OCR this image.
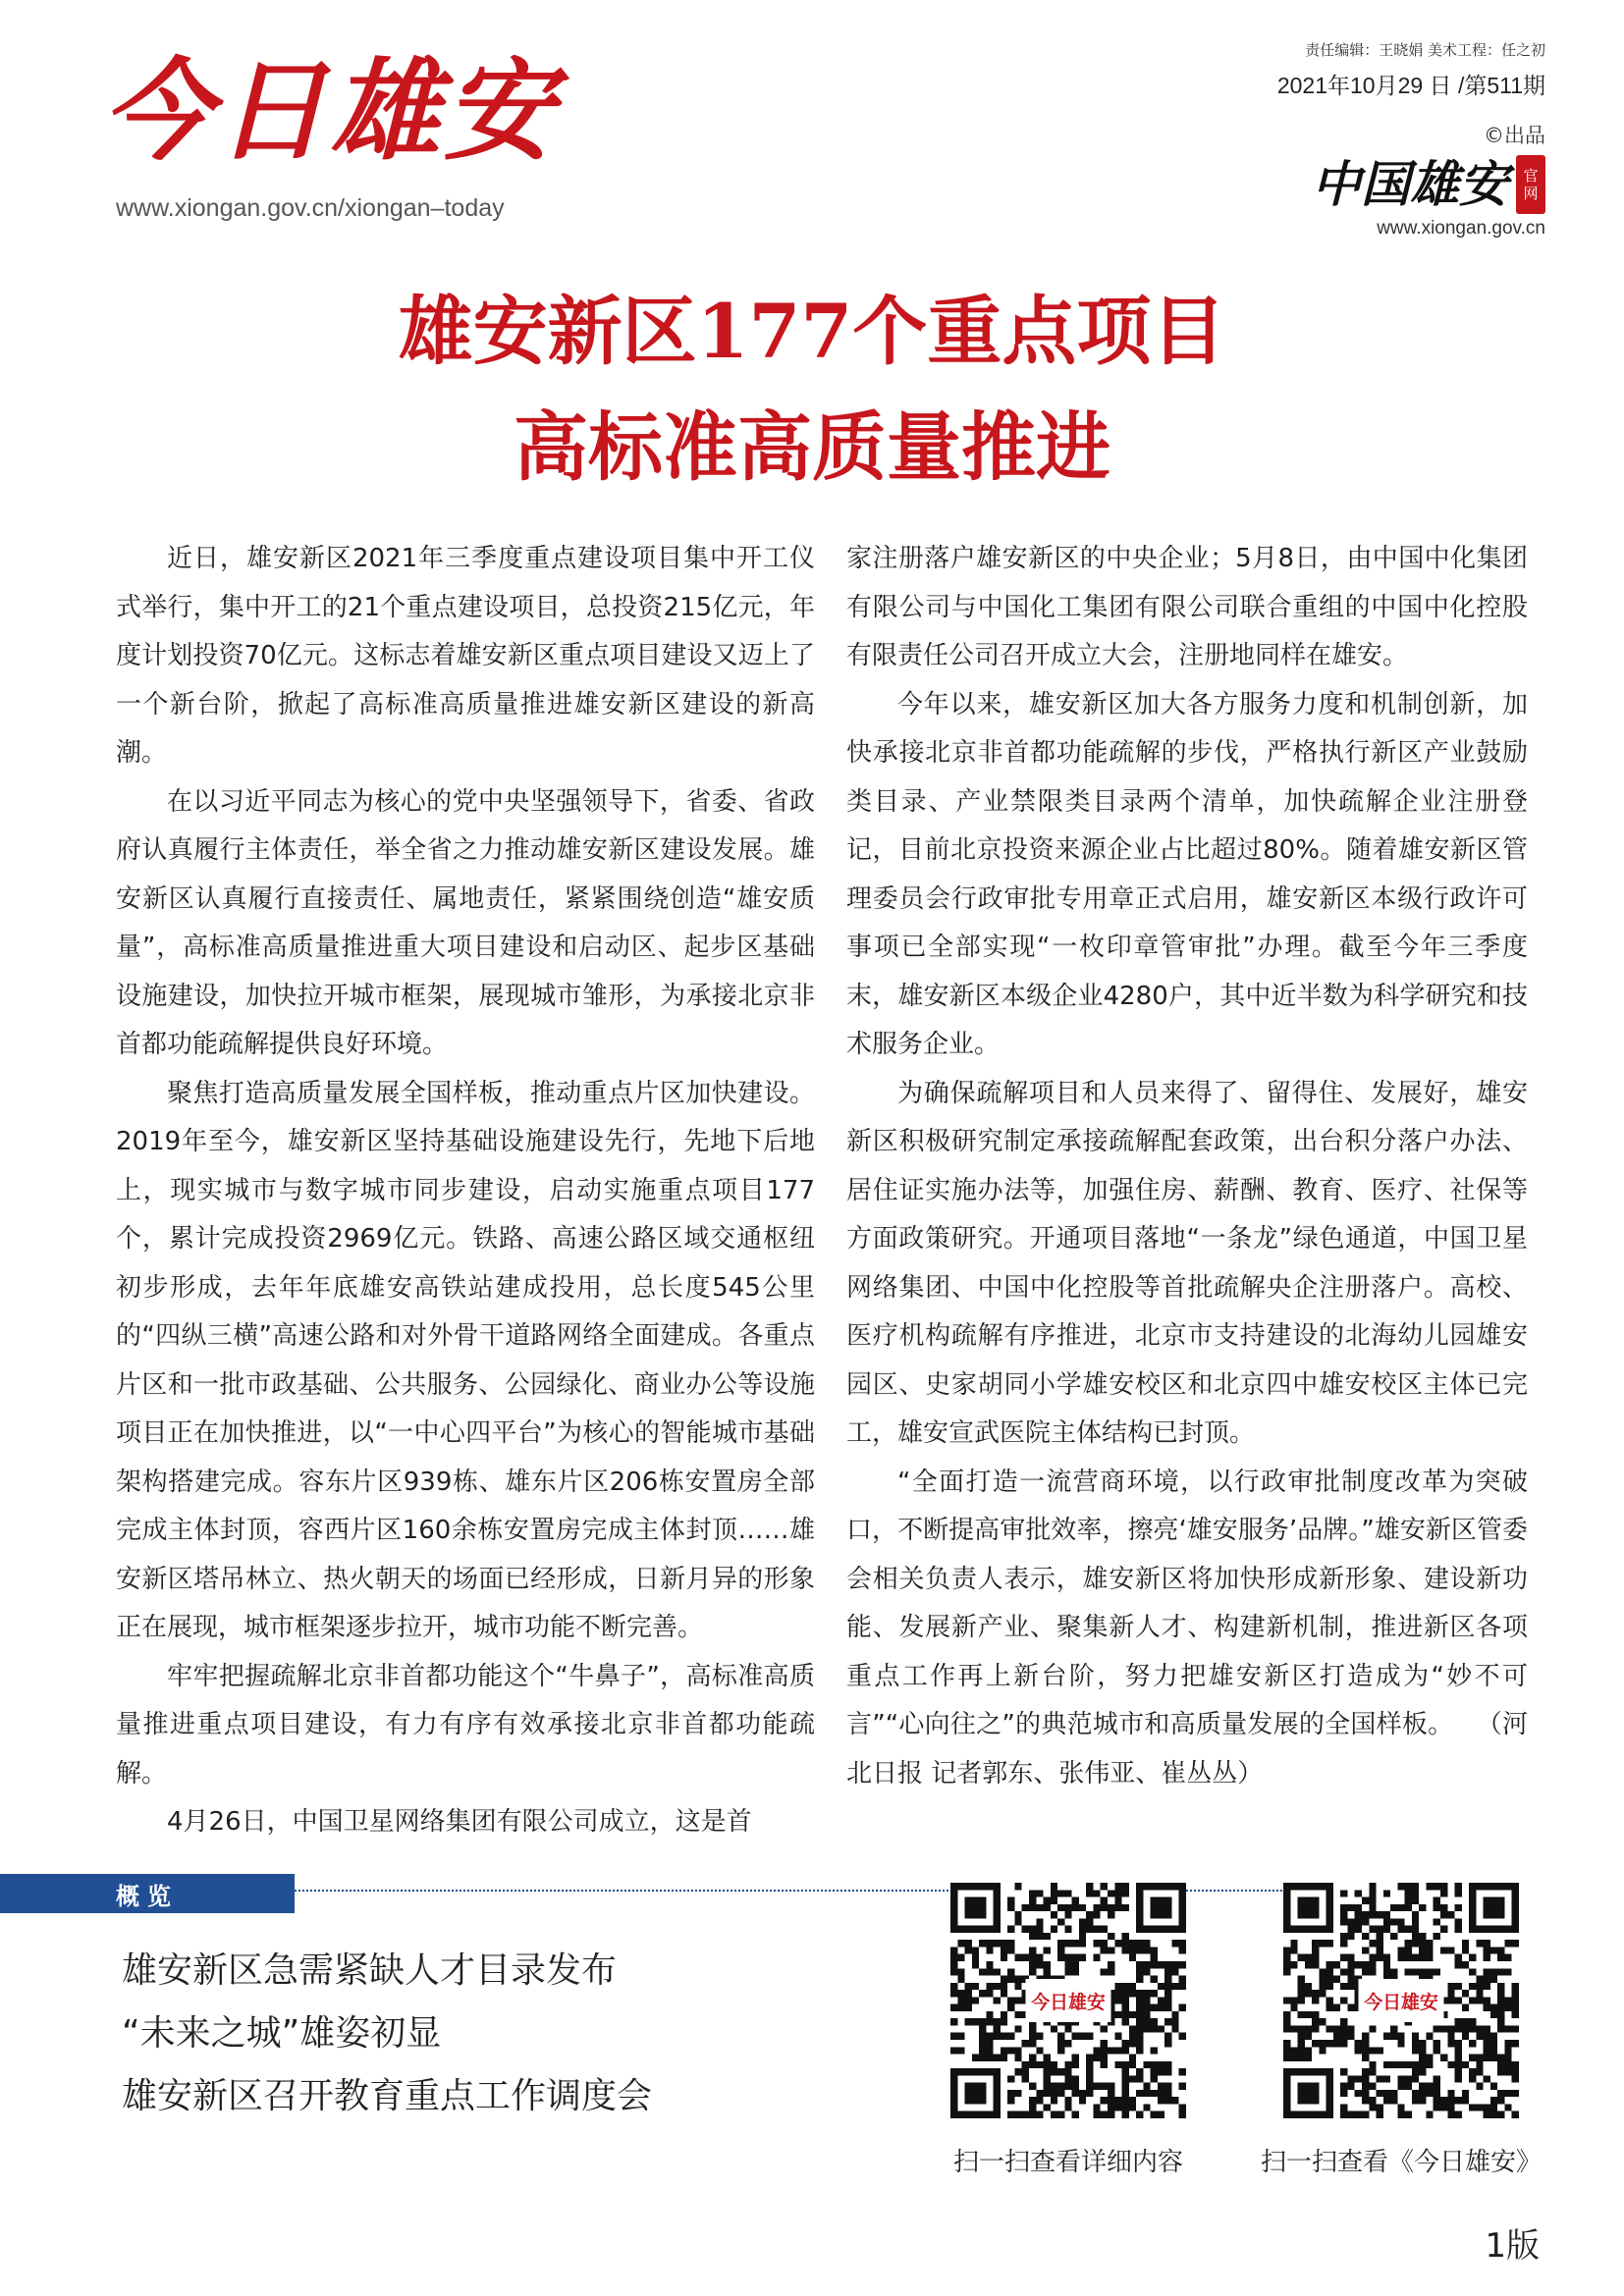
今日雄安
www.xiongan.gov.cn/xiongan–today
责任编辑：王晓娟 美术工程：任之初
2021年10月29 日 /第511期
©出品
中国雄安 官
网
www.xiongan.gov.cn
雄安新区177个重点项目
高标准高质量推进

近日，雄安新区2021年三季度重点建设项目集中开工仪式举行，集中开工的21个重点建设项目，总投资215亿元，年度计划投资70亿元。这标志着雄安新区重点项目建设又迈上了一个新台阶，掀起了高标准高质量推进雄安新区建设的新高潮。

在以习近平同志为核心的党中央坚强领导下，省委、省政府认真履行主体责任，举全省之力推动雄安新区建设发展。雄安新区认真履行直接责任、属地责任，紧紧围绕创造“雄安质量”，高标准高质量推进重大项目建设和启动区、起步区基础设施建设，加快拉开城市框架，展现城市雏形，为承接北京非首都功能疏解提供良好环境。

聚焦打造高质量发展全国样板，推动重点片区加快建设。2019年至今，雄安新区坚持基础设施建设先行，先地下后地上，现实城市与数字城市同步建设，启动实施重点项目177个，累计完成投资2969亿元。铁路、高速公路区域交通枢纽初步形成，去年年底雄安高铁站建成投用，总长度545公里的“四纵三横”高速公路和对外骨干道路网络全面建成。各重点片区和一批市政基础、公共服务、公园绿化、商业办公等设施项目正在加快推进，以“一中心四平台”为核心的智能城市基础架构搭建完成。容东片区939栋、雄东片区206栋安置房全部完成主体封顶，容西片区160余栋安置房完成主体封顶……雄安新区塔吊林立、热火朝天的场面已经形成，日新月异的形象正在展现，城市框架逐步拉开，城市功能不断完善。

牢牢把握疏解北京非首都功能这个“牛鼻子”，高标准高质量推进重点项目建设，有力有序有效承接北京非首都功能疏解。

4月26日，中国卫星网络集团有限公司成立，这是首

家注册落户雄安新区的中央企业；5月8日，由中国中化集团有限公司与中国化工集团有限公司联合重组的中国中化控股有限责任公司召开成立大会，注册地同样在雄安。

今年以来，雄安新区加大各方服务力度和机制创新，加快承接北京非首都功能疏解的步伐，严格执行新区产业鼓励类目录、产业禁限类目录两个清单，加快疏解企业注册登记，目前北京投资来源企业占比超过80%。随着雄安新区管理委员会行政审批专用章正式启用，雄安新区本级行政许可事项已全部实现“一枚印章管审批”办理。截至今年三季度末，雄安新区本级企业4280户，其中近半数为科学研究和技术服务企业。

为确保疏解项目和人员来得了、留得住、发展好，雄安新区积极研究制定承接疏解配套政策，出台积分落户办法、居住证实施办法等，加强住房、薪酬、教育、医疗、社保等方面政策研究。开通项目落地“一条龙”绿色通道，中国卫星网络集团、中国中化控股等首批疏解央企注册落户。高校、医疗机构疏解有序推进，北京市支持建设的北海幼儿园雄安园区、史家胡同小学雄安校区和北京四中雄安校区主体已完工，雄安宣武医院主体结构已封顶。

“全面打造一流营商环境，以行政审批制度改革为突破口，不断提高审批效率，擦亮‘雄安服务’品牌。”雄安新区管委会相关负责人表示，雄安新区将加快形成新形象、建设新功能、发展新产业、聚集新人才、构建新机制，推进新区各项重点工作再上新台阶，努力把雄安新区打造成为“妙不可言”“心向往之”的典范城市和高质量发展的全国样板。 （河北日报 记者郭东、张伟亚、崔丛丛）

概览
雄安新区急需紧缺人才目录发布
“未来之城”雄姿初显
雄安新区召开教育重点工作调度会
今日雄安
扫一扫查看详细内容
今日雄安
扫一扫查看《今日雄安》
1版
